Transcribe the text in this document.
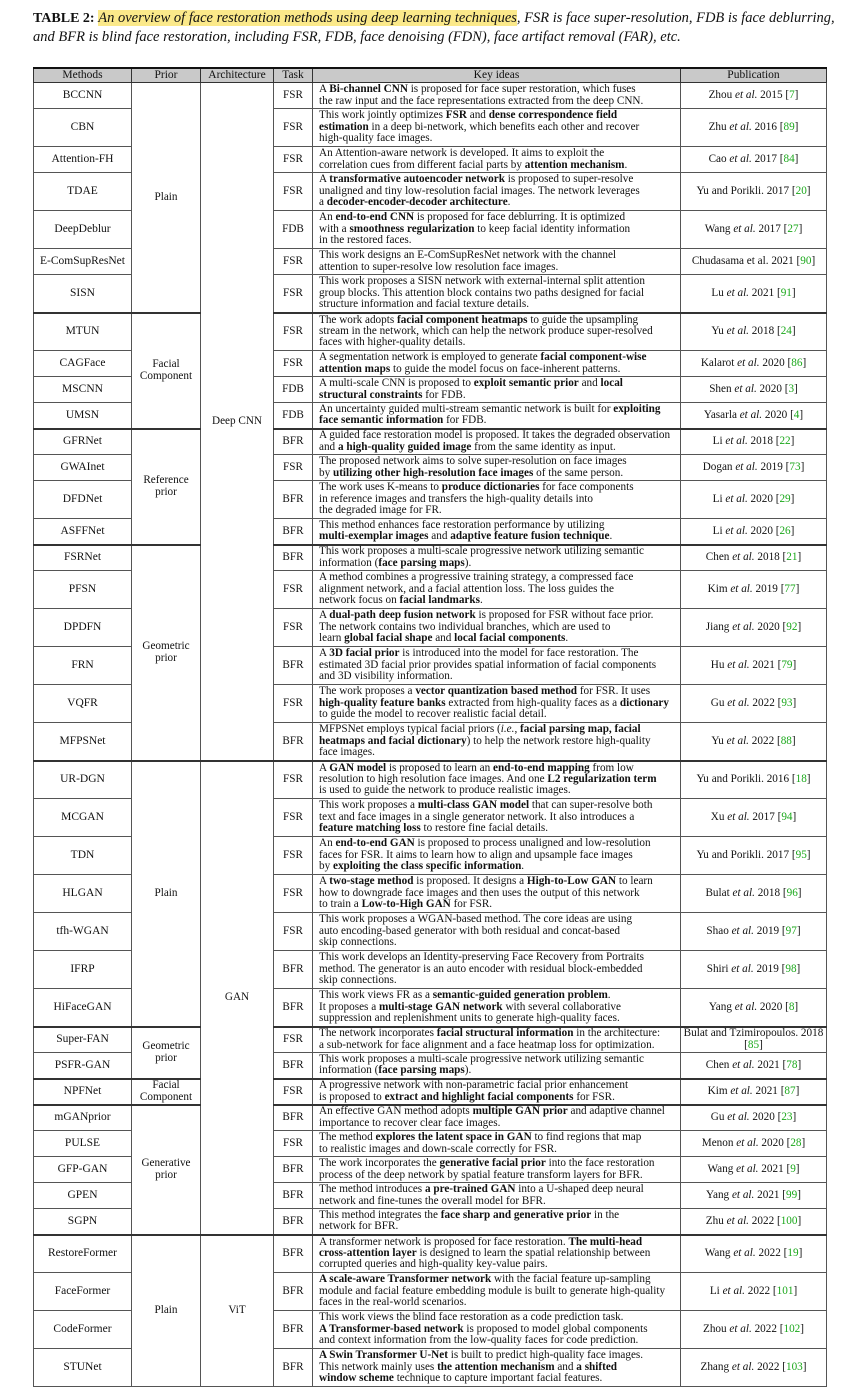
TABLE 2: An overview of face restoration methods using deep learning techniques, FSR is face super-resolution, FDB is face deblurring, and BFR is blind face restoration, including FSR, FDB, face denoising (FDN), face artifact removal (FAR), etc.
Methods	Prior	Architecture	Task	Key ideas	Publication
BCCNN	Plain	Deep CNN	FSR	A Bi-channel CNN is proposed for face super restoration, which fuses
the raw input and the face representations extracted from the deep CNN.	Zhou et al. 2015 [7]
CBN			FSR	This work jointly optimizes FSR and dense correspondence field
estimation in a deep bi-network, which benefits each other and recover
high-quality face images.	Zhu et al. 2016 [89]
Attention-FH			FSR	An Attention-aware network is developed. It aims to exploit the
correlation cues from different facial parts by attention mechanism.	Cao et al. 2017 [84]
TDAE			FSR	A transformative autoencoder network is proposed to super-resolve
unaligned and tiny low-resolution facial images. The network leverages
a decoder-encoder-decoder architecture.	Yu and Porikli. 2017 [20]
DeepDeblur			FDB	An end-to-end CNN is proposed for face deblurring. It is optimized
with a smoothness regularization to keep facial identity information
in the restored faces.	Wang et al. 2017 [27]
E-ComSupResNet			FSR	This work designs an E-ComSupResNet network with the channel
attention to super-resolve low resolution face images.	Chudasama et al. 2021 [90]
SISN			FSR	This work proposes a SISN network with external-internal split attention
group blocks. This attention block contains two paths designed for facial
structure information and facial texture details.	Lu et al. 2021 [91]
MTUN	Facial Component		FSR	The work adopts facial component heatmaps to guide the upsampling
stream in the network, which can help the network produce super-resolved
faces with higher-quality details.	Yu et al. 2018 [24]
CAGFace			FSR	A segmentation network is employed to generate facial component-wise
attention maps to guide the model focus on face-inherent patterns.	Kalarot et al. 2020 [86]
MSCNN			FDB	A multi-scale CNN is proposed to exploit semantic prior and local
structural constraints for FDB.	Shen et al. 2020 [3]
UMSN			FDB	An uncertainty guided multi-stream semantic network is built for exploiting
face semantic information for FDB.	Yasarla et al. 2020 [4]
GFRNet	Reference prior		BFR	A guided face restoration model is proposed. It takes the degraded observation
and a high-quality guided image from the same identity as input.	Li et al. 2018 [22]
GWAInet			FSR	The proposed network aims to solve super-resolution on face images
by utilizing other high-resolution face images of the same person.	Dogan et al. 2019 [73]
DFDNet			BFR	The work uses K-means to produce dictionaries for face components
in reference images and transfers the high-quality details into
the degraded image for FR.	Li et al. 2020 [29]
ASFFNet			BFR	This method enhances face restoration performance by utilizing
multi-exemplar images and adaptive feature fusion technique.	Li et al. 2020 [26]
FSRNet	Geometric prior		BFR	This work proposes a multi-scale progressive network utilizing semantic
information (face parsing maps).	Chen et al. 2018 [21]
PFSN			FSR	A method combines a progressive training strategy, a compressed face
alignment network, and a facial attention loss. The loss guides the
network focus on facial landmarks.	Kim et al. 2019 [77]
DPDFN			FSR	A dual-path deep fusion network is proposed for FSR without face prior.
The network contains two individual branches, which are used to
learn global facial shape and local facial components.	Jiang et al. 2020 [92]
FRN			BFR	A 3D facial prior is introduced into the model for face restoration. The
estimated 3D facial prior provides spatial information of facial components
and 3D visibility information.	Hu et al. 2021 [79]
VQFR			FSR	The work proposes a vector quantization based method for FSR. It uses
high-quality feature banks extracted from high-quality faces as a dictionary
to guide the model to recover realistic facial detail.	Gu et al. 2022 [93]
MFPSNet			BFR	MFPSNet employs typical facial priors (i.e., facial parsing map, facial
heatmaps and facial dictionary) to help the network restore high-quality
face images.	Yu et al. 2022 [88]
UR-DGN	Plain	GAN	FSR	A GAN model is proposed to learn an end-to-end mapping from low
resolution to high resolution face images. And one L2 regularization term
is used to guide the network to produce realistic images.	Yu and Porikli. 2016 [18]
MCGAN			FSR	This work proposes a multi-class GAN model that can super-resolve both
text and face images in a single generator network. It also introduces a
feature matching loss to restore fine facial details.	Xu et al. 2017 [94]
TDN			FSR	An end-to-end GAN is proposed to process unaligned and low-resolution
faces for FSR. It aims to learn how to align and upsample face images
by exploiting the class specific information.	Yu and Porikli. 2017 [95]
HLGAN			FSR	A two-stage method is proposed. It designs a High-to-Low GAN to learn
how to downgrade face images and then uses the output of this network
to train a Low-to-High GAN for FSR.	Bulat et al. 2018 [96]
tfh-WGAN			FSR	This work proposes a WGAN-based method. The core ideas are using
auto encoding-based generator with both residual and concat-based
skip connections.	Shao et al. 2019 [97]
IFRP			BFR	This work develops an Identity-preserving Face Recovery from Portraits
method. The generator is an auto encoder with residual block-embedded
skip connections.	Shiri et al. 2019 [98]
HiFaceGAN			BFR	This work views FR as a semantic-guided generation problem.
It proposes a multi-stage GAN network with several collaborative
suppression and replenishment units to generate high-quality faces.	Yang et al. 2020 [8]
Super-FAN	Geometric prior		FSR	The network incorporates facial structural information in the architecture:
a sub-network for face alignment and a face heatmap loss for optimization.	Bulat and Tzimiropoulos. 2018 [85]
PSFR-GAN			BFR	This work proposes a multi-scale progressive network utilizing semantic
information (face parsing maps).	Chen et al. 2021 [78]
NPFNet	Facial Component		FSR	A progressive network with non-parametric facial prior enhancement
is proposed to extract and highlight facial components for FSR.	Kim et al. 2021 [87]
mGANprior	Generative prior		BFR	An effective GAN method adopts multiple GAN prior and adaptive channel
importance to recover clear face images.	Gu et al. 2020 [23]
PULSE			FSR	The method explores the latent space in GAN to find regions that map
to realistic images and down-scale correctly for FSR.	Menon et al. 2020 [28]
GFP-GAN			BFR	The work incorporates the generative facial prior into the face restoration
process of the deep network by spatial feature transform layers for BFR.	Wang et al. 2021 [9]
GPEN			BFR	The method introduces a pre-trained GAN into a U-shaped deep neural
network and fine-tunes the overall model for BFR.	Yang et al. 2021 [99]
SGPN			BFR	This method integrates the face sharp and generative prior in the
network for BFR.	Zhu et al. 2022 [100]
RestoreFormer	Plain	ViT	BFR	A transformer network is proposed for face restoration. The multi-head
cross-attention layer is designed to learn the spatial relationship between
corrupted queries and high-quality key-value pairs.	Wang et al. 2022 [19]
FaceFormer			BFR	A scale-aware Transformer network with the facial feature up-sampling
module and facial feature embedding module is built to generate high-quality
faces in the real-world scenarios.	Li et al. 2022 [101]
CodeFormer			BFR	This work views the blind face restoration as a code prediction task.
A Transformer-based network is proposed to model global components
and context information from the low-quality faces for code prediction.	Zhou et al. 2022 [102]
STUNet			BFR	A Swin Transformer U-Net is built to predict high-quality face images.
This network mainly uses the attention mechanism and a shifted
window scheme technique to capture important facial features.	Zhang et al. 2022 [103]
